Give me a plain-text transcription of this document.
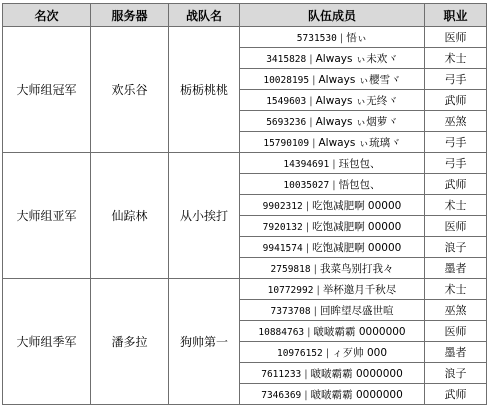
名次	服务器	战队名	队伍成员	职业
大师组冠军	欢乐谷	栃栃桃桃	5731530 | 悟ぃ	医师
			3415828 | Always ぃ未欢ヾ	术士
			10028195 | Always ぃ樱雪ヾ	弓手
			1549603 | Always ぃ无终ヾ	武师
			5693236 | Always ぃ烟萝ヾ	巫煞
			15790109 | Always ぃ琉璃ヾ	弓手
大师组亚军	仙踪林	从小挨打	14394691 | 珏包包、	弓手
			10035027 | 悟包包、	武师
			9902312 | 吃饱减肥啊 00000	术士
			7920132 | 吃饱减肥啊 00000	医师
			9941574 | 吃饱减肥啊 00000	浪子
			2759818 | 我菜鸟别打我々	墨者
大师组季军	潘多拉	狗帅第一	10772992 | 举杯邀月千秋尽	术士
			7373708 | 回眸望尽盛世喧	巫煞
			10884763 | 啵啵霸霸 0000000	医师
			10976152 | ィ歹帅 000	墨者
			7611233 | 啵啵霸霸 0000000	浪子
			7346369 | 啵啵霸霸 0000000	武师
